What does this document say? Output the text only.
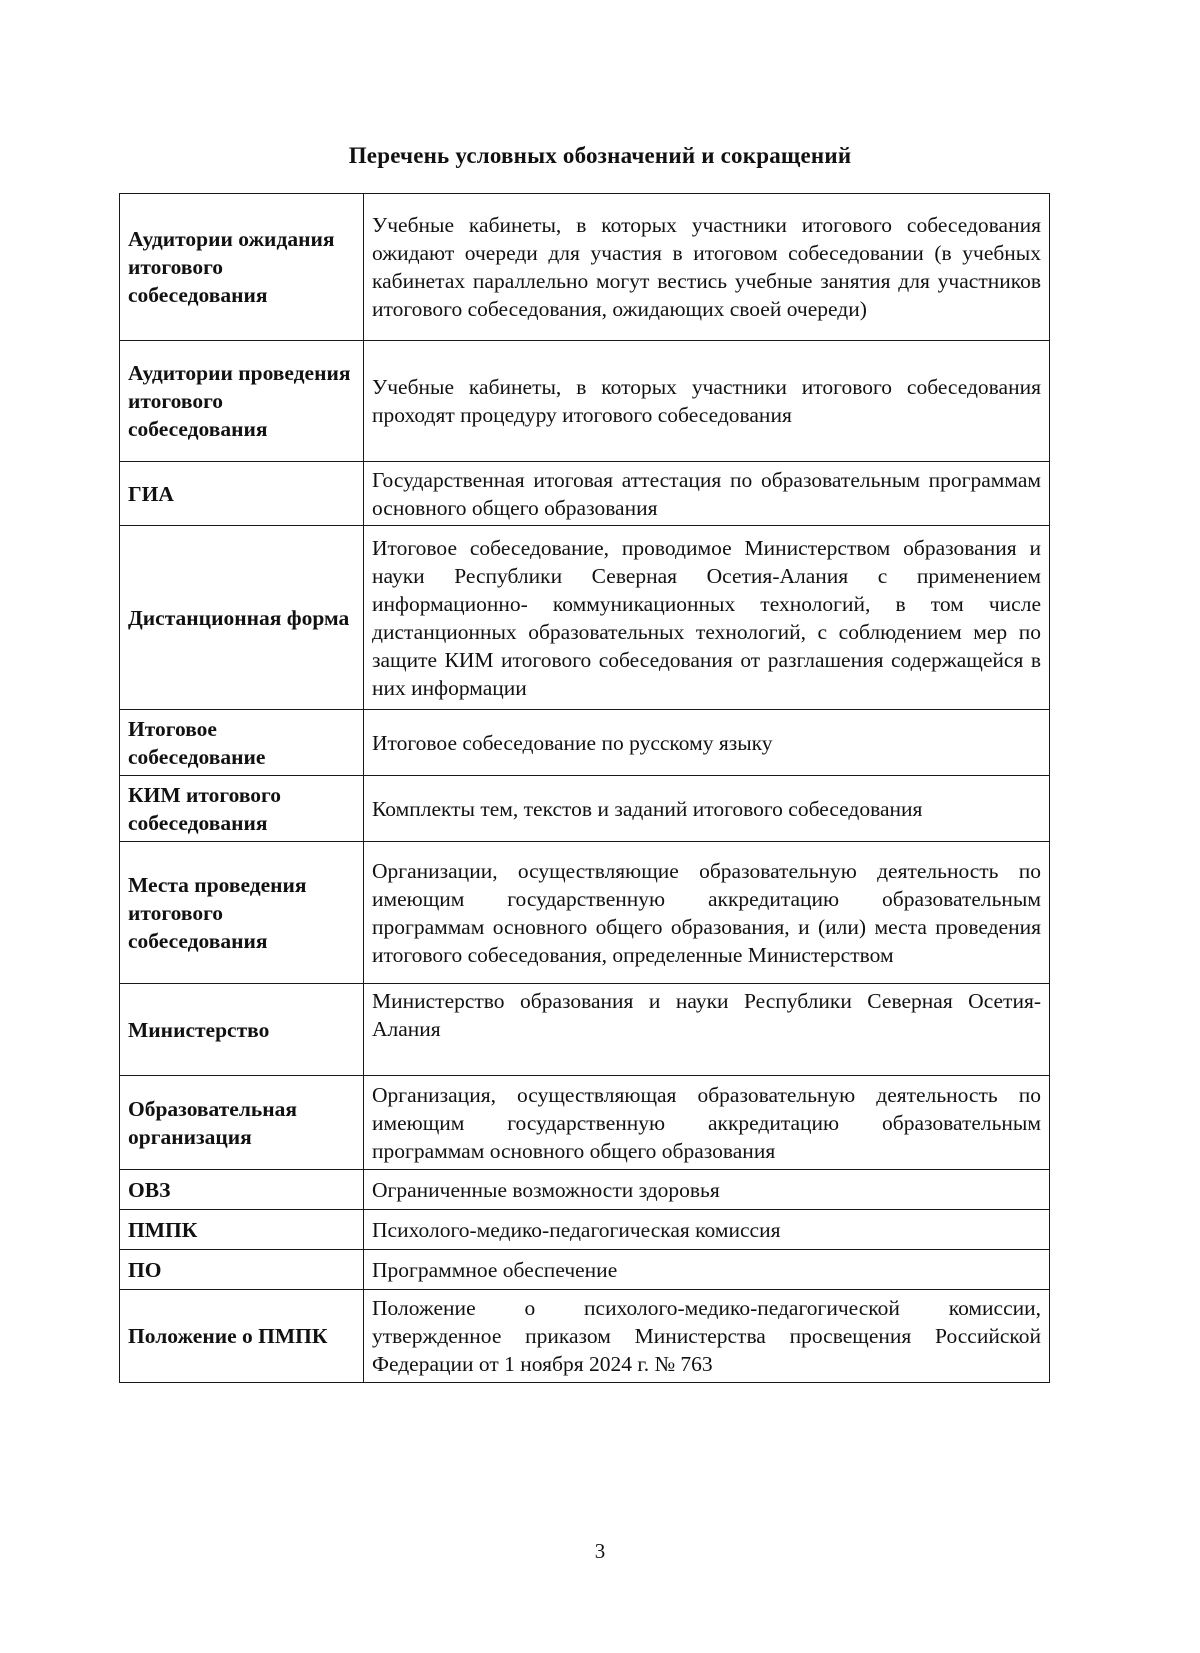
Перечень условных обозначений и сокращений
Аудитории ожидания итогового собеседования	Учебные кабинеты, в которых участники итогового собеседования ожидают очереди для участия в итоговом собеседовании (в учебных кабинетах параллельно могут вестись учебные занятия для участников итогового собеседования, ожидающих своей очереди)
Аудитории проведения итогового собеседования	Учебные кабинеты, в которых участники итогового собеседования проходят процедуру итогового собеседования
ГИА	Государственная итоговая аттестация по образовательным программам основного общего образования
Дистанционная форма	Итоговое собеседование, проводимое Министерством образования и науки Республики Северная Осетия-Алания с применением информационно- коммуникационных технологий, в том числе дистанционных образовательных технологий, с соблюдением мер по защите КИМ итогового собеседования от разглашения содержащейся в них информации
Итоговое собеседование	Итоговое собеседование по русскому языку
КИМ итогового собеседования	Комплекты тем, текстов и заданий итогового собеседования
Места проведения итогового собеседования	Организации, осуществляющие образовательную деятельность по имеющим государственную аккредитацию образовательным программам основного общего образования, и (или) места проведения итогового собеседования, определенные Министерством
Министерство	Министерство образования и науки Республики Северная Осетия-Алания
Образовательная организация	Организация, осуществляющая образовательную деятельность по имеющим государственную аккредитацию образовательным программам основного общего образования
ОВЗ	Ограниченные возможности здоровья
ПМПК	Психолого-медико-педагогическая комиссия
ПО	Программное обеспечение
Положение о ПМПК	Положение о психолого-медико-педагогической комиссии, утвержденное приказом Министерства просвещения Российской Федерации от 1 ноября 2024 г. № 763
3
